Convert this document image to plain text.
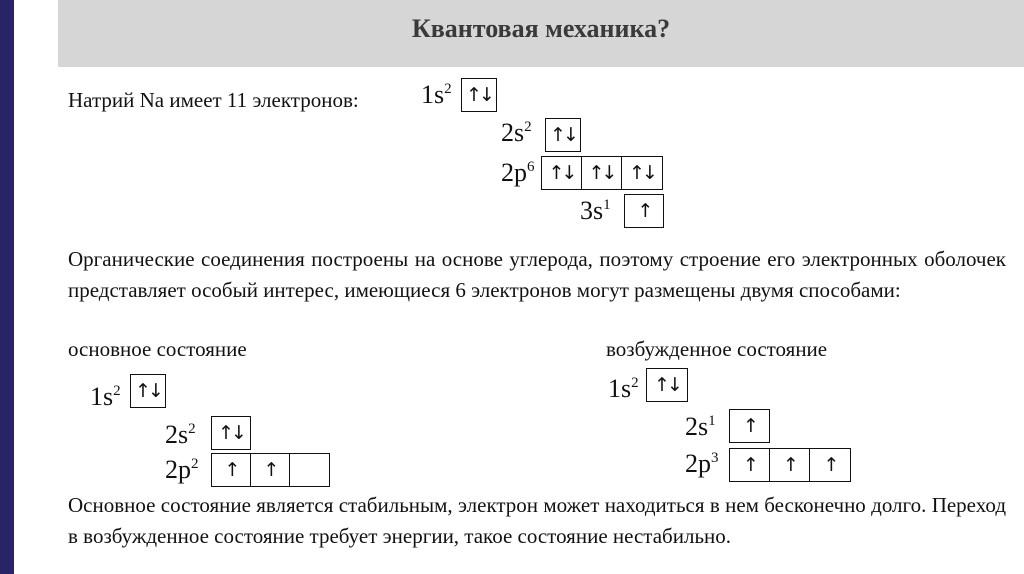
Квантовая механика?
Натрий Na имеет 11 электронов: $1s^2$ ↑↓
$2s^2$ ↑↓
$2p^6$ ↑↓ ↑↓ ↑↓
$3s^1$	↑
Органические соединения построены на основе углерода, поэтому строение его электронных оболочек представляет особый интерес, имеющиеся 6 электронов могут размещены двумя способами:
основное состояние	возбужденное состояние
$1s^2$ ↑↓
$2s^2$	↑↓
$2p^2$	↑	↑
$1s^2$ ↑↓
$2s^1$	↑
$2p^3$	↑	↑	↑
Основное состояние является стабильным, электрон может находиться в нем бесконечно долго. Переход в возбужденное состояние требует энергии, такое состояние нестабильно.
